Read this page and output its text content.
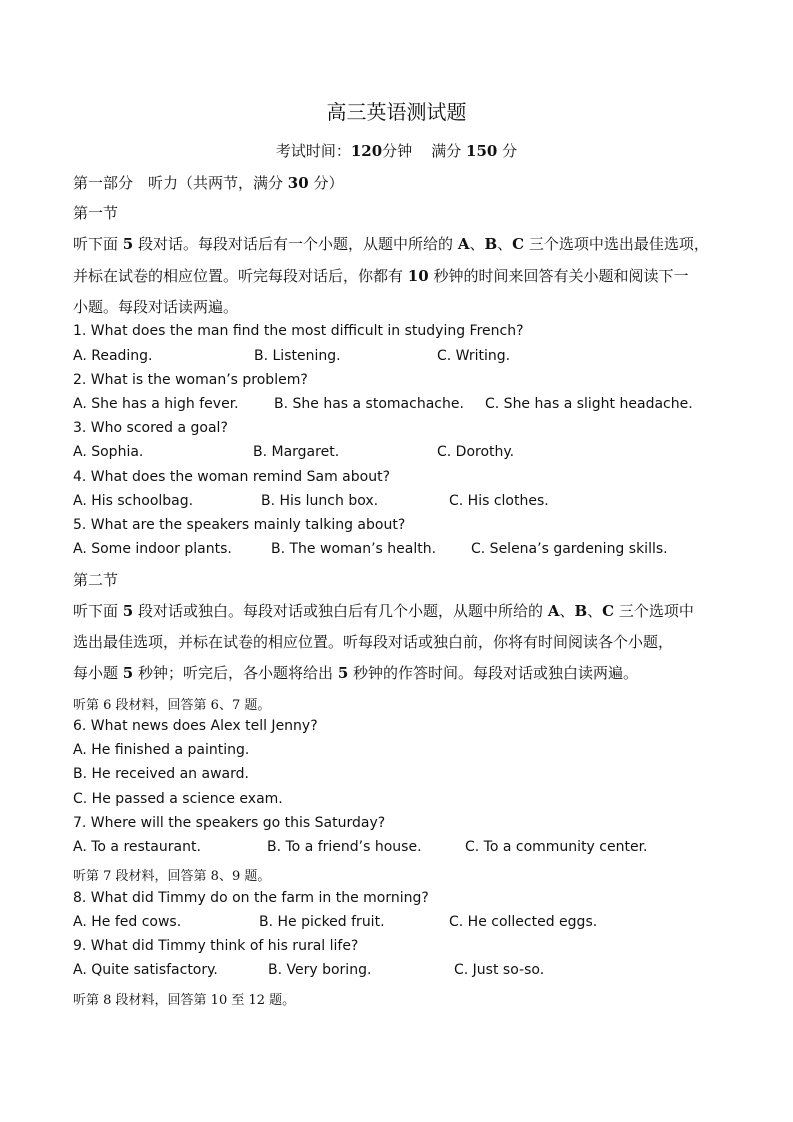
高三英语测试题
考试时间：120分钟 满分 150 分
第一部分　听力（共两节，满分 30 分）
第一节
听下面 5 段对话。每段对话后有一个小题，从题中所给的 A、B、C 三个选项中选出最佳选项，
并标在试卷的相应位置。听完每段对话后，你都有 10 秒钟的时间来回答有关小题和阅读下一
小题。每段对话读两遍。
1. What does the man find the most difficult in studying French?
A. Reading.	B. Listening.	C. Writing.
2. What is the woman’s problem?
A. She has a high fever.	B. She has a stomachache. C. She has a slight headache.
3. Who scored a goal?
A. Sophia.	B. Margaret.	C. Dorothy.
4. What does the woman remind Sam about?
A. His schoolbag.	B. His lunch box.	C. His clothes.
5. What are the speakers mainly talking about?
A. Some indoor plants.	B. The woman’s health. C. Selena’s gardening skills.
第二节
听下面 5 段对话或独白。每段对话或独白后有几个小题，从题中所给的 A、B、C 三个选项中
选出最佳选项，并标在试卷的相应位置。听每段对话或独白前，你将有时间阅读各个小题，
每小题 5 秒钟；听完后，各小题将给出 5 秒钟的作答时间。每段对话或独白读两遍。
听第 6 段材料，回答第 6、7 题。
6. What news does Alex tell Jenny?
A. He finished a painting.
B. He received an award.
C. He passed a science exam.
7. Where will the speakers go this Saturday?
A. To a restaurant.	B. To a friend’s house.	C. To a community center.
听第 7 段材料，回答第 8、9 题。
8. What did Timmy do on the farm in the morning?
A. He fed cows.	B. He picked fruit.	C. He collected eggs.
9. What did Timmy think of his rural life?
A. Quite satisfactory.	B. Very boring.	C. Just so-so.
听第 8 段材料，回答第 10 至 12 题。
